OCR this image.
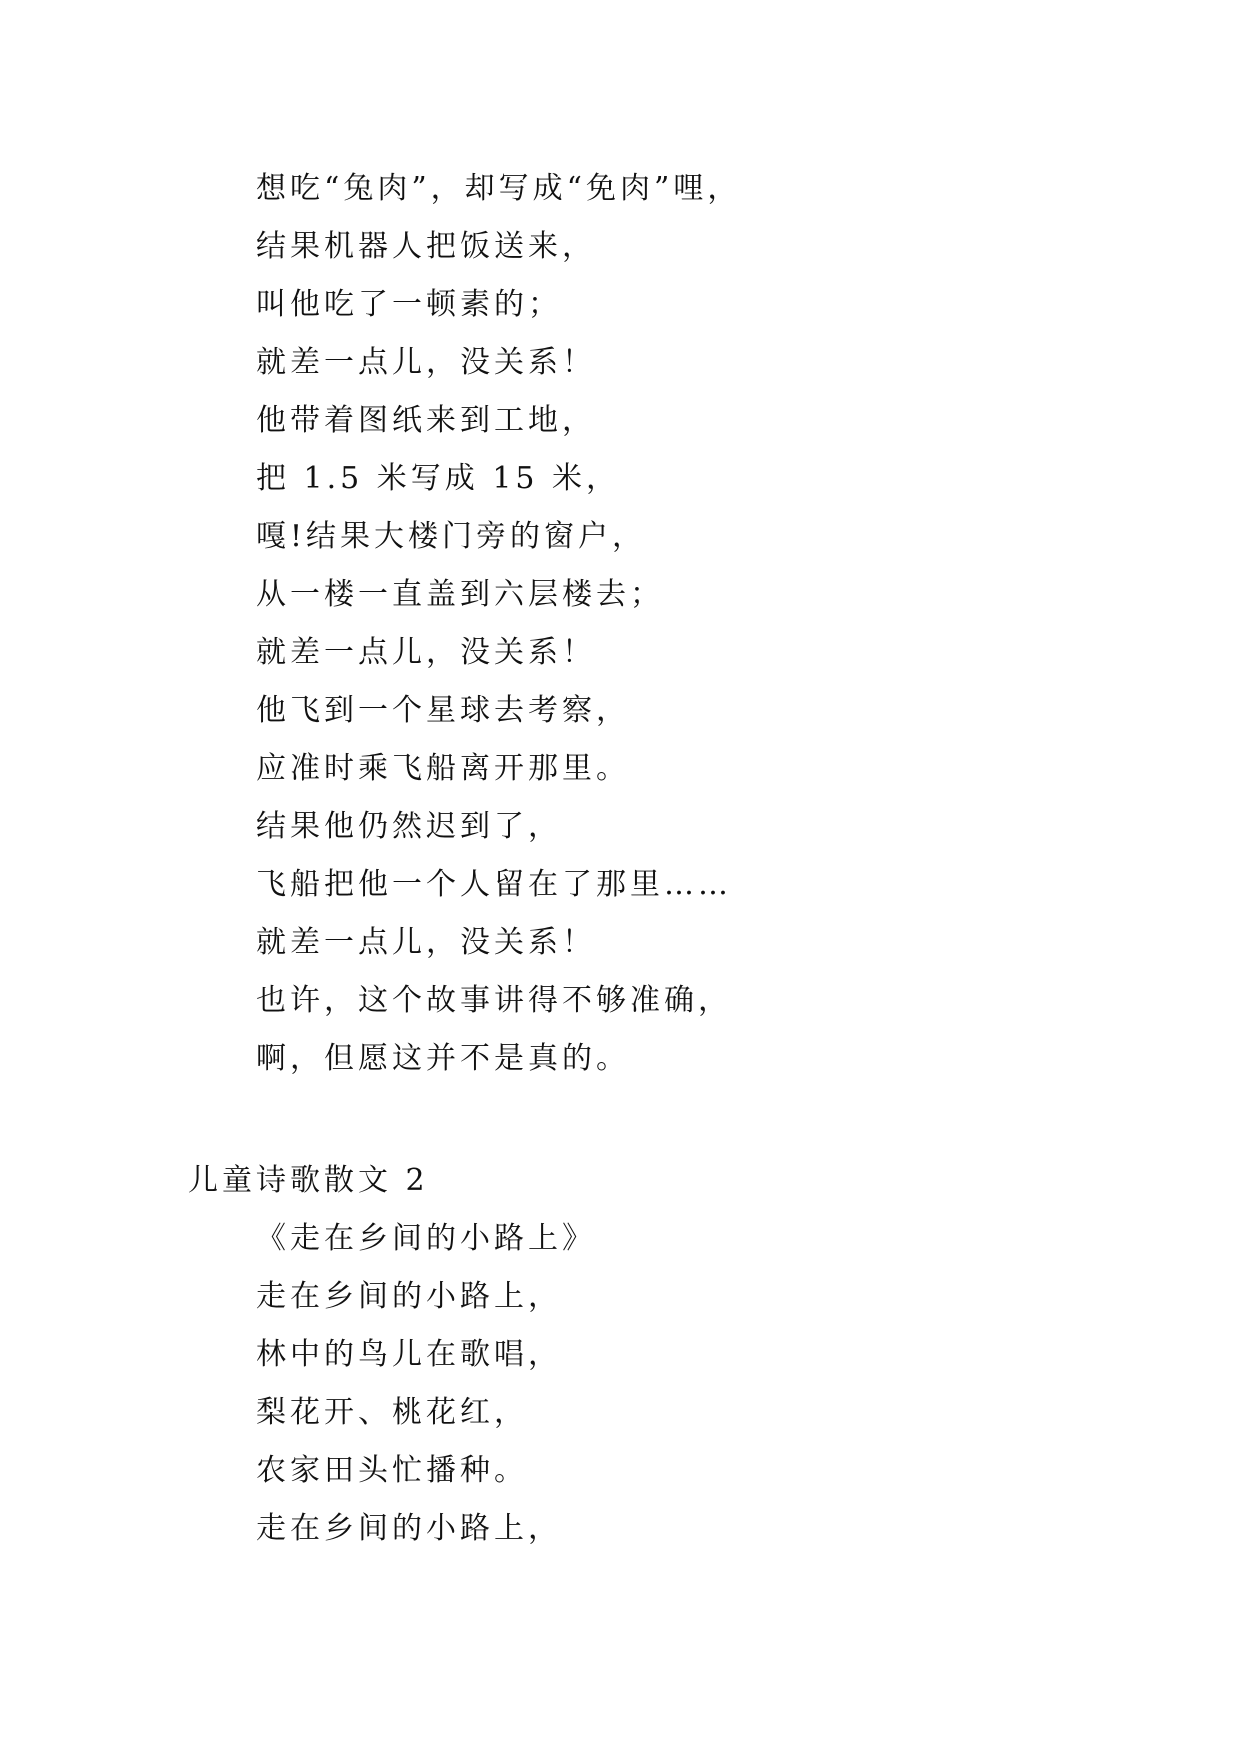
想吃“兔肉”，却写成“免肉”哩，
结果机器人把饭送来，
叫他吃了一顿素的；
就差一点儿，没关系！
他带着图纸来到工地，
把 1.5 米写成 15 米，
嘎!结果大楼门旁的窗户，
从一楼一直盖到六层楼去；
就差一点儿，没关系！
他飞到一个星球去考察，
应准时乘飞船离开那里。
结果他仍然迟到了，
飞船把他一个人留在了那里……
就差一点儿，没关系！
也许，这个故事讲得不够准确，
啊，但愿这并不是真的。
儿童诗歌散文 2
《走在乡间的小路上》
走在乡间的小路上，
林中的鸟儿在歌唱，
梨花开、桃花红，
农家田头忙播种。
走在乡间的小路上，
